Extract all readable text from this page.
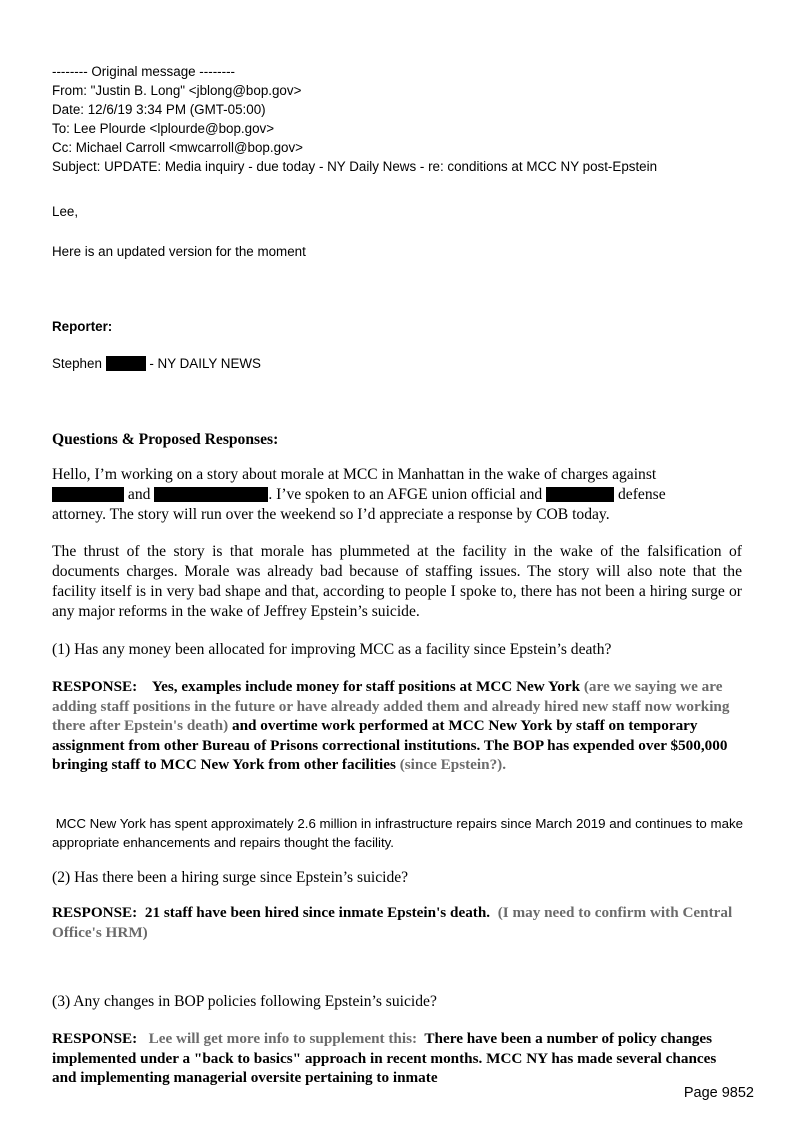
-------- Original message --------
From: "Justin B. Long" <jblong@bop.gov>
Date: 12/6/19 3:34 PM (GMT-05:00)
To: Lee Plourde <lplourde@bop.gov>
Cc: Michael Carroll <mwcarroll@bop.gov>
Subject: UPDATE: Media inquiry - due today - NY Daily News - re: conditions at MCC NY post-Epstein
Lee,
Here is an updated version for the moment
Reporter:
Stephen	- NY DAILY NEWS
Questions & Proposed Responses:
Hello, I’m working on a story about morale at MCC in Manhattan in the wake of charges against
and	. I’ve spoken to an AFGE union official and	defense
attorney. The story will run over the weekend so I’d appreciate a response by COB today.
The thrust of the story is that morale has plummeted at the facility in the wake of the falsification of documents charges. Morale was already bad because of staffing issues. The story will also note that the facility itself is in very bad shape and that, according to people I spoke to, there has not been a hiring surge or any major reforms in the wake of Jeffrey Epstein’s suicide.
(1) Has any money been allocated for improving MCC as a facility since Epstein’s death?
RESPONSE: Yes, examples include money for staff positions at MCC New York (are we saying we are adding staff positions in the future or have already added them and already hired new staff now working there after Epstein's death) and overtime work performed at MCC New York by staff on temporary assignment from other Bureau of Prisons correctional institutions. The BOP has expended over $500,000 bringing staff to MCC New York from other facilities (since Epstein?).
MCC New York has spent approximately 2.6 million in infrastructure repairs since March 2019 and continues to make appropriate enhancements and repairs thought the facility.
(2) Has there been a hiring surge since Epstein’s suicide?
RESPONSE: 21 staff have been hired since inmate Epstein's death. (I may need to confirm with Central Office's HRM)
(3) Any changes in BOP policies following Epstein’s suicide?
RESPONSE: Lee will get more info to supplement this: There have been a number of policy changes implemented under a "back to basics" approach in recent months. MCC NY has made several chances and implementing managerial oversite pertaining to inmate
Page 9852
